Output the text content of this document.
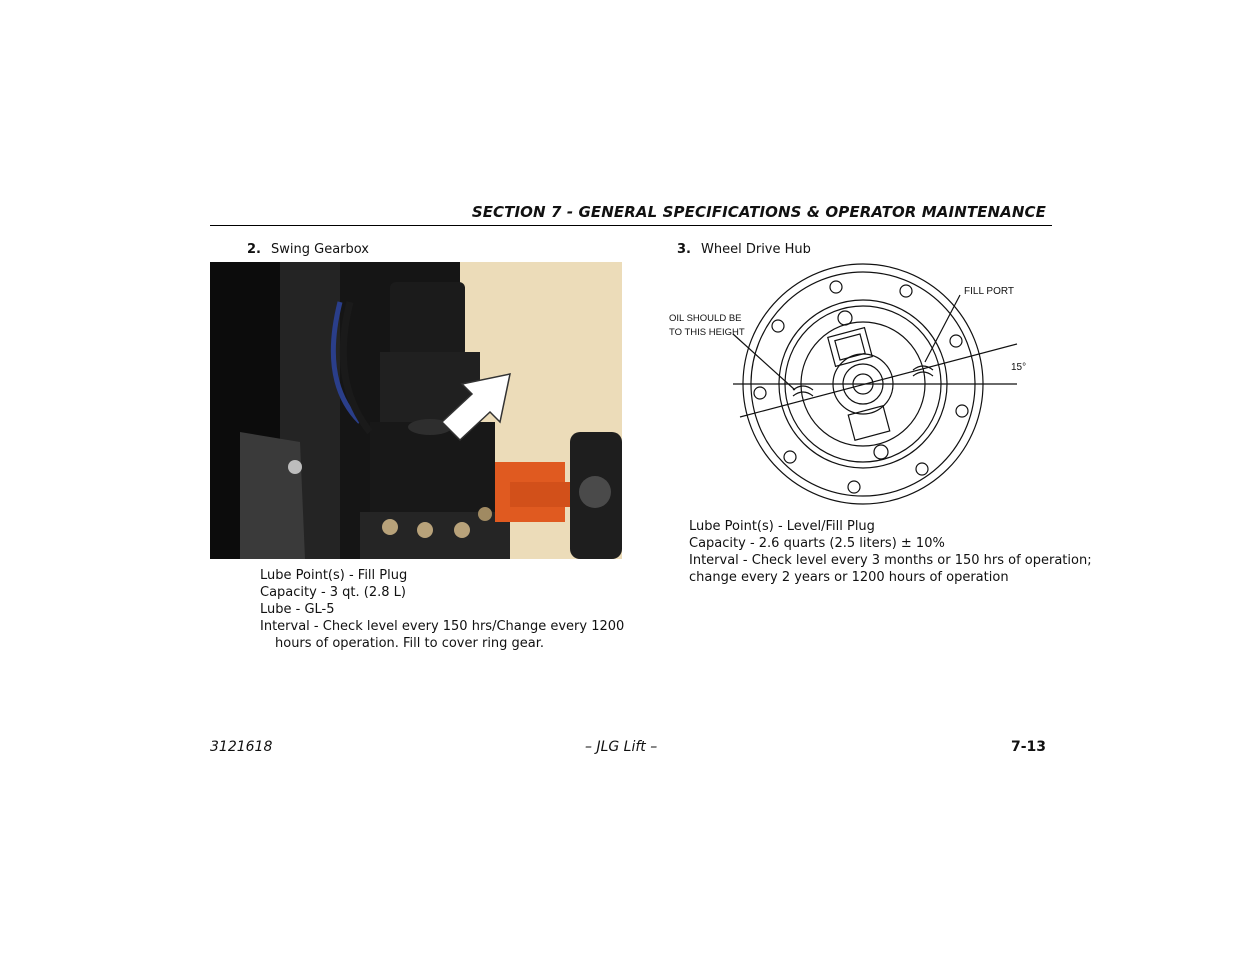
SECTION 7 - GENERAL SPECIFICATIONS & OPERATOR MAINTENANCE
2. Swing Gearbox
Lube Point(s) - Fill Plug
Capacity - 3 qt. (2.8 L)
Lube - GL-5
Interval - Check level every 150 hrs/Change every 1200
hours of operation. Fill to cover ring gear.
3. Wheel Drive Hub
FILL PORT
OIL SHOULD BE
TO THIS HEIGHT
15°
Lube Point(s) - Level/Fill Plug
Capacity - 2.6 quarts (2.5 liters) ± 10%
Interval - Check level every 3 months or 150 hrs of operation;
change every 2 years or 1200 hours of operation
3121618	– JLG Lift –	7-13
